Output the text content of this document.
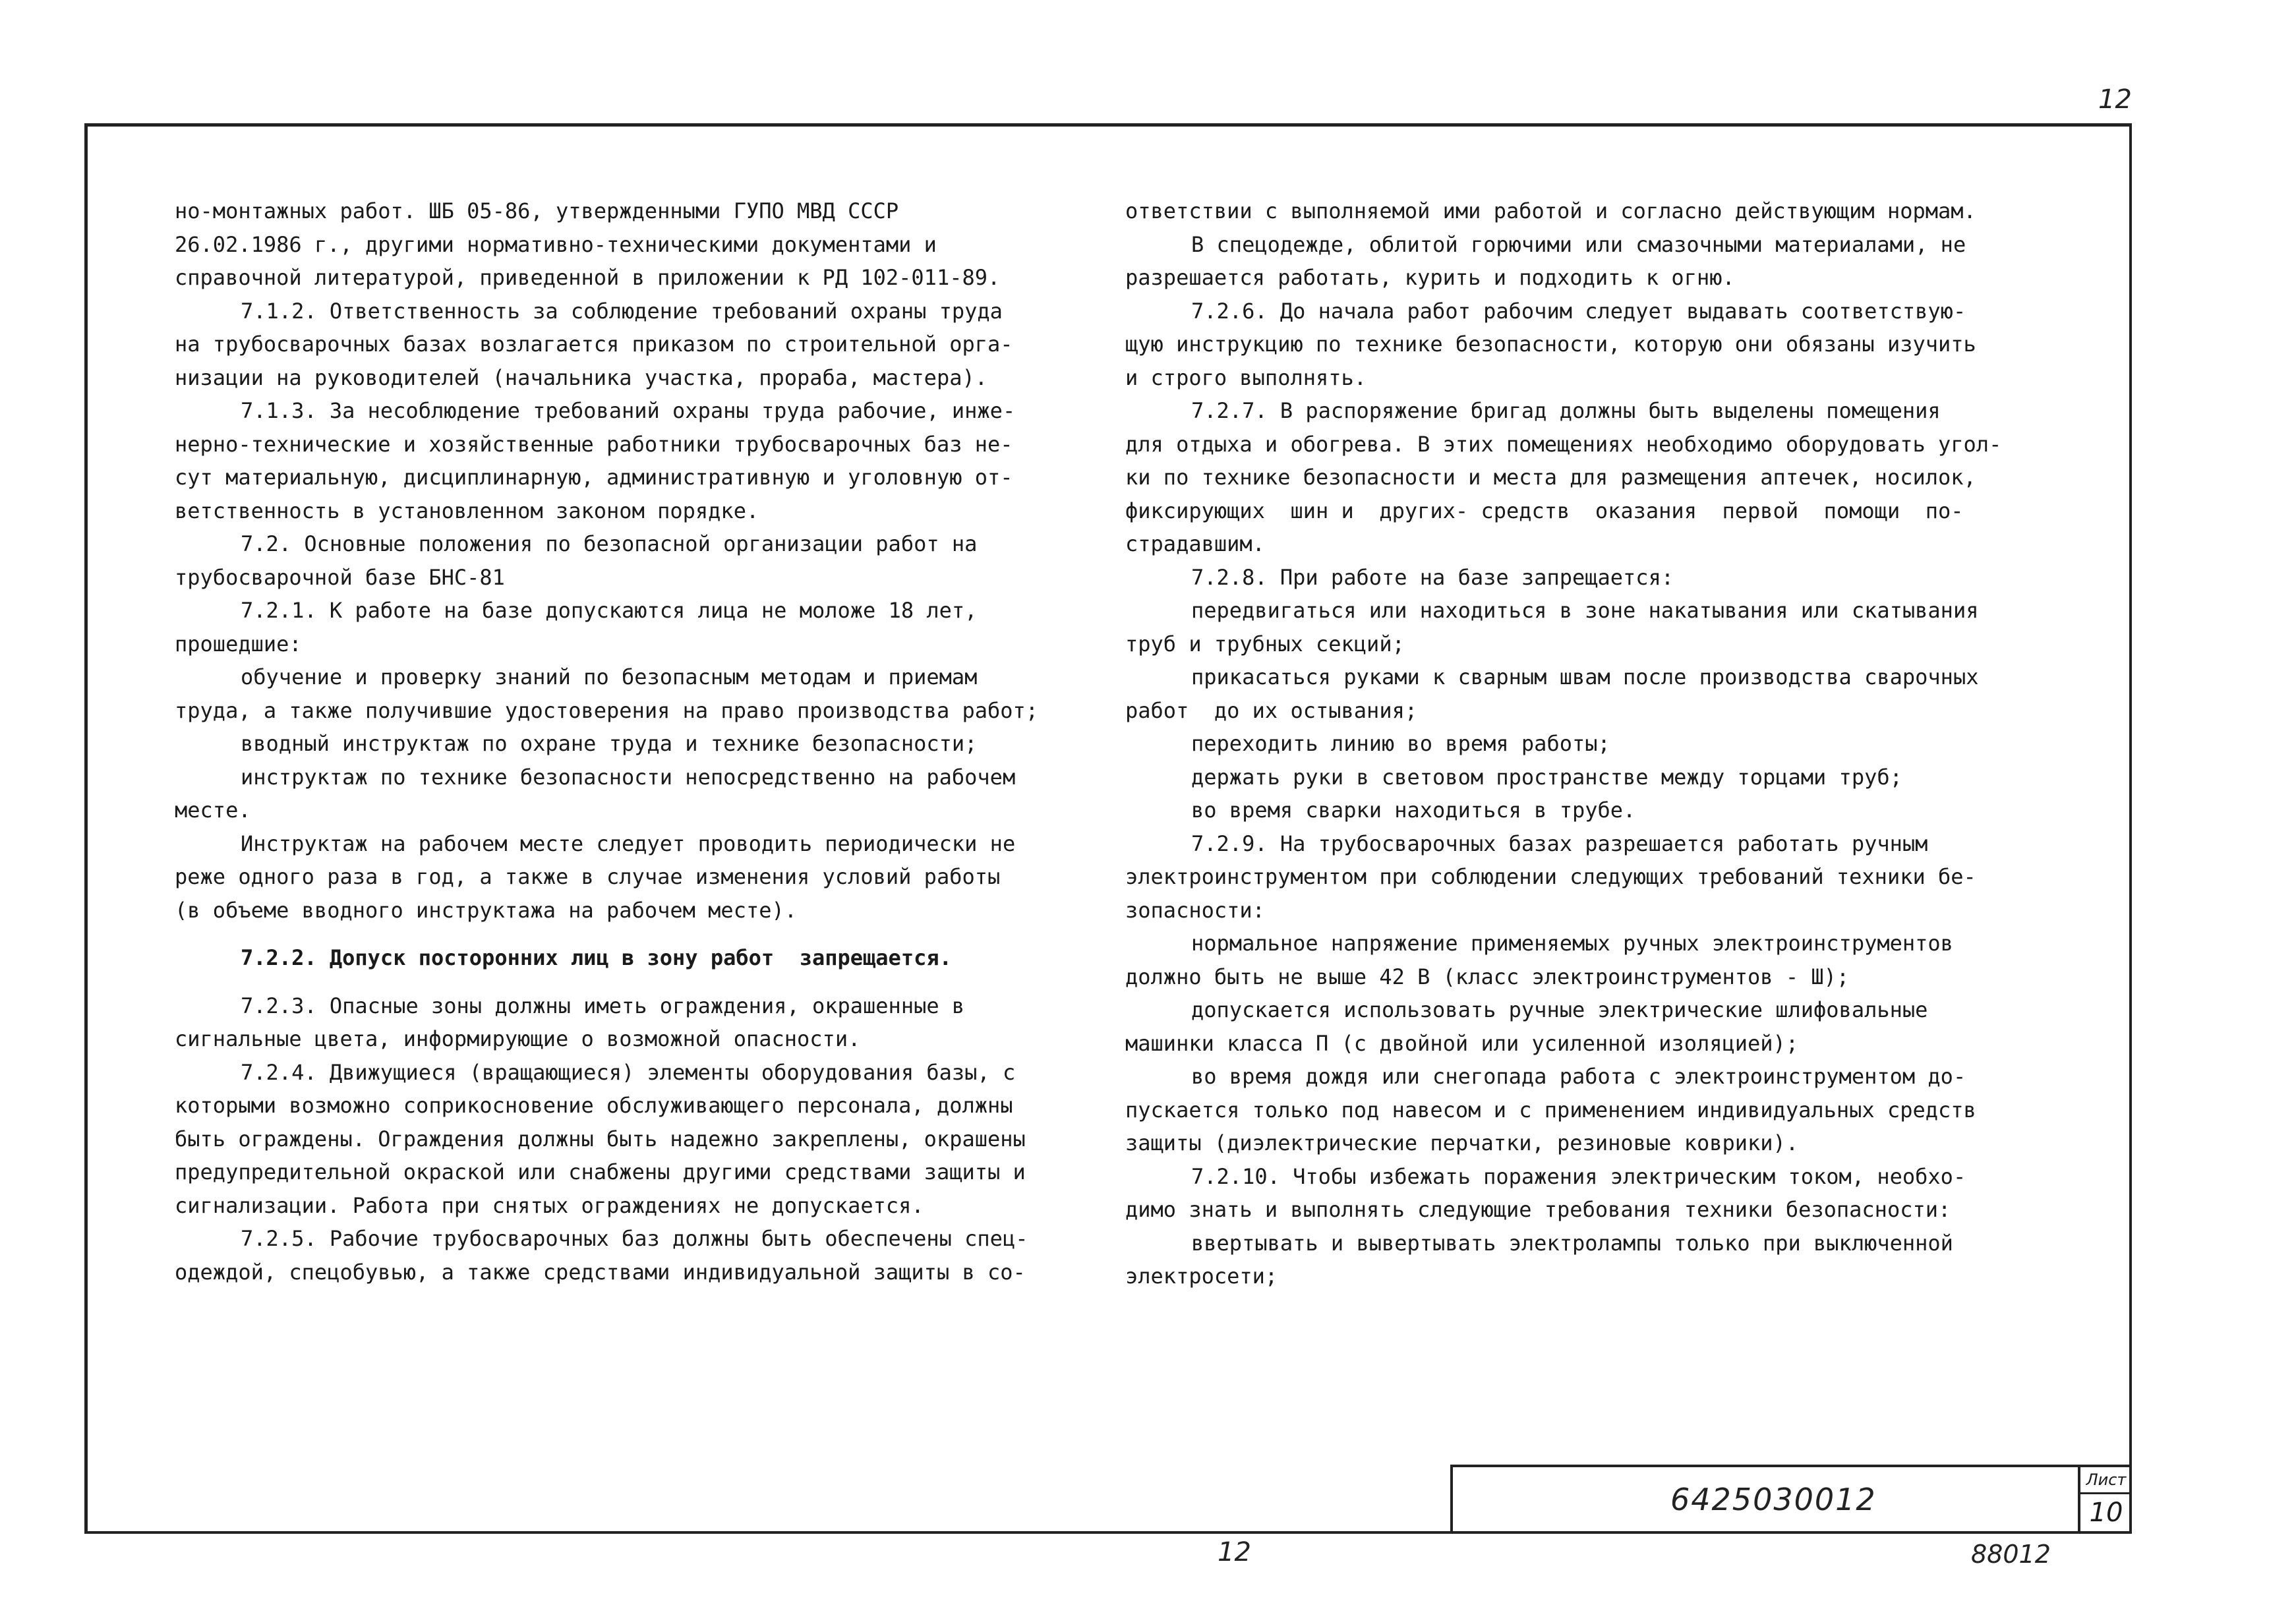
12
но-монтажных работ. ШБ 05-86, утвержденными ГУПО МВД СССР
26.02.1986 г., другими нормативно-техническими документами и
справочной литературой, приведенной в приложении к РД 102-011-89.
7.1.2. Ответственность за соблюдение требований охраны труда
на трубосварочных базах возлагается приказом по строительной орга-
низации на руководителей (начальника участка, прораба, мастера).
7.1.3. За несоблюдение требований охраны труда рабочие, инже-
нерно-технические и хозяйственные работники трубосварочных баз не-
сут материальную, дисциплинарную, административную и уголовную от-
ветственность в установленном законом порядке.
7.2. Основные положения по безопасной организации работ на
трубосварочной базе БНС-81
7.2.1. К работе на базе допускаются лица не моложе 18 лет,
прошедшие:
обучение и проверку знаний по безопасным методам и приемам
труда, а также получившие удостоверения на право производства работ;
вводный инструктаж по охране труда и технике безопасности;
инструктаж по технике безопасности непосредственно на рабочем
месте.
Инструктаж на рабочем месте следует проводить периодически не
реже одного раза в год, а также в случае изменения условий работы
(в объеме вводного инструктажа на рабочем месте).
7.2.2. Допуск посторонних лиц в зону работ  запрещается.
7.2.3. Опасные зоны должны иметь ограждения, окрашенные в
сигнальные цвета, информирующие о возможной опасности.
7.2.4. Движущиеся (вращающиеся) элементы оборудования базы, с
которыми возможно соприкосновение обслуживающего персонала, должны
быть ограждены. Ограждения должны быть надежно закреплены, окрашены
предупредительной окраской или снабжены другими средствами защиты и
сигнализации. Работа при снятых ограждениях не допускается.
7.2.5. Рабочие трубосварочных баз должны быть обеспечены спец-
одеждой, спецобувью, а также средствами индивидуальной защиты в со-
ответствии с выполняемой ими работой и согласно действующим нормам.
В спецодежде, облитой горючими или смазочными материалами, не
разрешается работать, курить и подходить к огню.
7.2.6. До начала работ рабочим следует выдавать соответствую-
щую инструкцию по технике безопасности, которую они обязаны изучить
и строго выполнять.
7.2.7. В распоряжение бригад должны быть выделены помещения
для отдыха и обогрева. В этих помещениях необходимо оборудовать угол-
ки по технике безопасности и места для размещения аптечек, носилок,
фиксирующих  шин и  других- средств  оказания  первой  помощи  по-
страдавшим.
7.2.8. При работе на базе запрещается:
передвигаться или находиться в зоне накатывания или скатывания
труб и трубных секций;
прикасаться руками к сварным швам после производства сварочных
работ  до их остывания;
переходить линию во время работы;
держать руки в световом пространстве между торцами труб;
во время сварки находиться в трубе.
7.2.9. На трубосварочных базах разрешается работать ручным
электроинструментом при соблюдении следующих требований техники бе-
зопасности:
нормальное напряжение применяемых ручных электроинструментов
должно быть не выше 42 В (класс электроинструментов - Ш);
допускается использовать ручные электрические шлифовальные
машинки класса П (с двойной или усиленной изоляцией);
во время дождя или снегопада работа с электроинструментом до-
пускается только под навесом и с применением индивидуальных средств
защиты (диэлектрические перчатки, резиновые коврики).
7.2.10. Чтобы избежать поражения электрическим током, необхо-
димо знать и выполнять следующие требования техники безопасности:
ввертывать и вывертывать электролампы только при выключенной
электросети;
6425030012
Лист
10
12	88012
